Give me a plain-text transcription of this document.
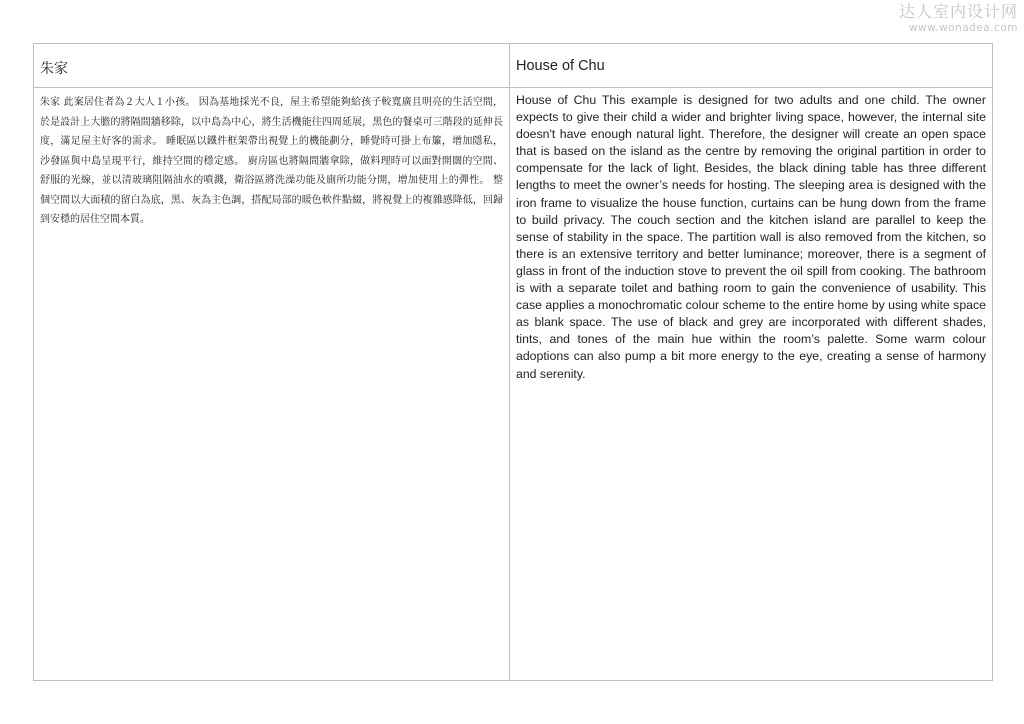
达人室内设计网
www.wonadea.com
朱家	House of Chu
朱家 此案居住者為２大人１小孩。 因為基地採光不良，屋主希望能夠給孩子較寬廣且明亮的生活空間，於是設計上大膽的將隔間牆移除，以中島為中心，將生活機能往四周延展，黑色的餐桌可三階段的延伸長度，滿足屋主好客的需求。 睡眠區以鐵件框架帶出視覺上的機能劃分，睡覺時可掛上布簾，增加隱私，沙發區與中島呈現平行，維持空間的穩定感。 廚房區也將隔間牆拿除，做料理時可以面對開闊的空間、舒服的光線，並以清玻璃阻隔油水的噴濺，衛浴區將洗澡功能及廁所功能分開，增加使用上的彈性。 整個空間以大面積的留白為底，黑、灰為主色調，搭配局部的暖色軟件點綴，將視覺上的複雜感降低，回歸到安穩的居住空間本質。
House of Chu This example is designed for two adults and one child. The owner expects to give their child a wider and brighter living space, however, the internal site doesn't have enough natural light. Therefore, the designer will create an open space that is based on the island as the centre by removing the original partition in order to compensate for the lack of light. Besides, the black dining table has three different lengths to meet the owner’s needs for hosting. The sleeping area is designed with the iron frame to visualize the house function, curtains can be hung down from the frame to build privacy. The couch section and the kitchen island are parallel to keep the sense of stability in the space. The partition wall is also removed from the kitchen, so there is an extensive territory and better luminance; moreover, there is a segment of glass in front of the induction stove to prevent the oil spill from cooking. The bathroom is with a separate toilet and bathing room to gain the convenience of usability. This case applies a monochromatic colour scheme to the entire home by using white space as blank space. The use of black and grey are incorporated with different shades, tints, and tones of the main hue within the room’s palette. Some warm colour adoptions can also pump a bit more energy to the eye, creating a sense of harmony and serenity.
